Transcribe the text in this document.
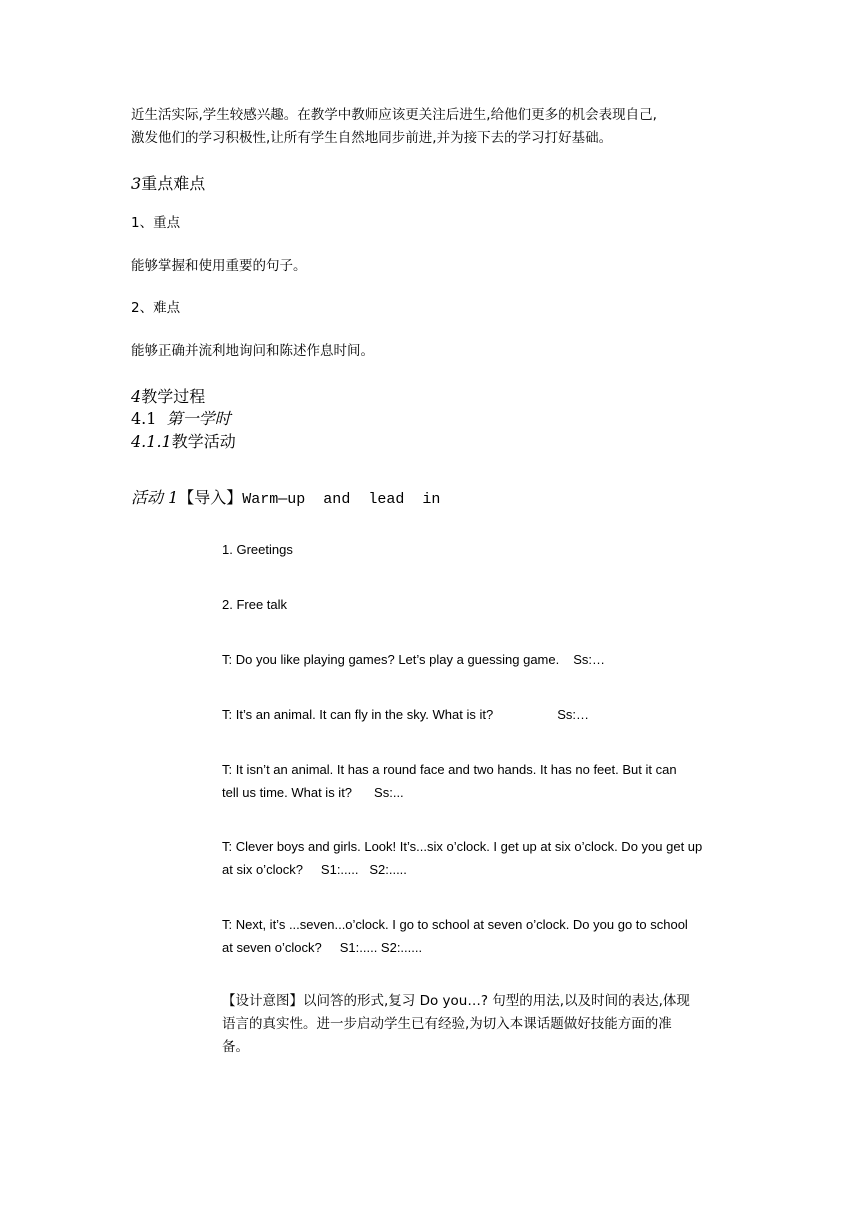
近生活实际,学生较感兴趣。在教学中教师应该更关注后进生,给他们更多的机会表现自己,

激发他们的学习积极性,让所有学生自然地同步前进,并为接下去的学习打好基础。

3重点难点

1、重点

能够掌握和使用重要的句子。

2、难点

能够正确并流利地询问和陈述作息时间。

4教学过程

4.1 第一学时

4.1.1教学活动

活动 1【导入】Warm—up  and  lead  in

1. Greetings

2. Free talk

T: Do you like playing games? Let’s play a guessing game. Ss:…

T: It’s an animal. It can fly in the sky. What is it?	Ss:…

T: It isn’t an animal. It has a round face and two hands. It has no feet. But it can

tell us time. What is it? Ss:...

T: Clever boys and girls. Look! It’s...six o’clock. I get up at six o’clock. Do you get up

at six o’clock? S1:.....   S2:.....

T: Next, it’s ...seven...o’clock. I go to school at seven o’clock. Do you go to school

at seven o’clock? S1:..... S2:......

【设计意图】以问答的形式,复习 Do you…? 句型的用法,以及时间的表达,体现

语言的真实性。进一步启动学生已有经验,为切入本课话题做好技能方面的准

备。
